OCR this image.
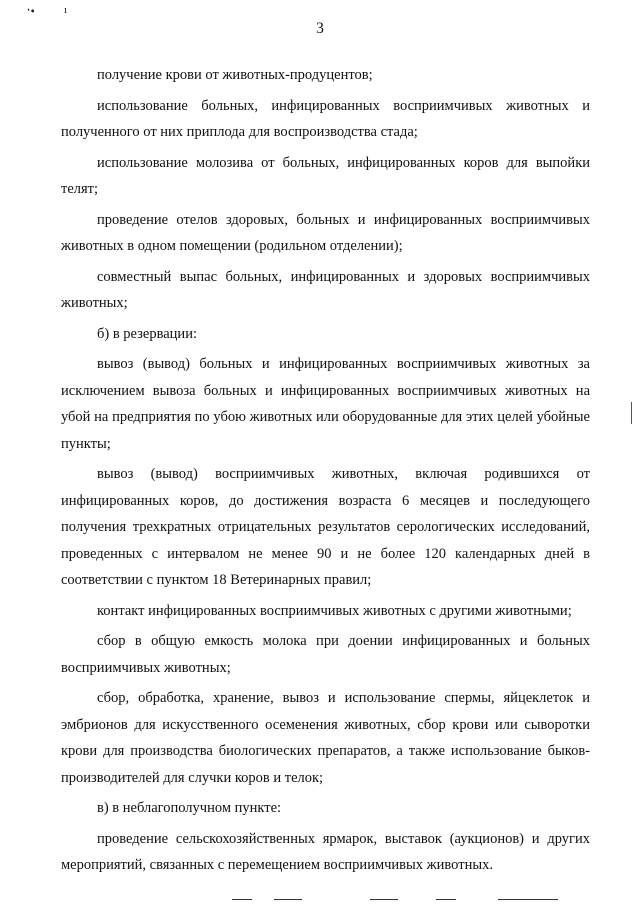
'• ı
3

получение крови от животных-продуцентов;

использование больных, инфицированных восприимчивых животных и полученного от них приплода для воспроизводства стада;

использование молозива от больных, инфицированных коров для выпойки телят;

проведение отелов здоровых, больных и инфицированных восприимчивых животных в одном помещении (родильном отделении);

совместный выпас больных, инфицированных и здоровых восприимчивых животных;

б) в резервации:

вывоз (вывод) больных и инфицированных восприимчивых животных за исключением вывоза больных и инфицированных восприимчивых животных на убой на предприятия по убою животных или оборудованные для этих целей убойные пункты;

вывоз (вывод) восприимчивых животных, включая родившихся от инфицированных коров, до достижения возраста 6 месяцев и последующего получения трехкратных отрицательных результатов серологических исследований, проведенных с интервалом не менее 90 и не более 120 календарных дней в соответствии с пунктом 18 Ветеринарных правил;

контакт инфицированных восприимчивых животных с другими животными;

сбор в общую емкость молока при доении инфицированных и больных восприимчивых животных;

сбор, обработка, хранение, вывоз и использование спермы, яйцеклеток и эмбрионов для искусственного осеменения животных, сбор крови или сыворотки крови для производства биологических препаратов, а также использование быков-производителей для случки коров и телок;

в) в неблагополучном пункте:

проведение сельскохозяйственных ярмарок, выставок (аукционов) и других мероприятий, связанных с перемещением восприимчивых животных.
